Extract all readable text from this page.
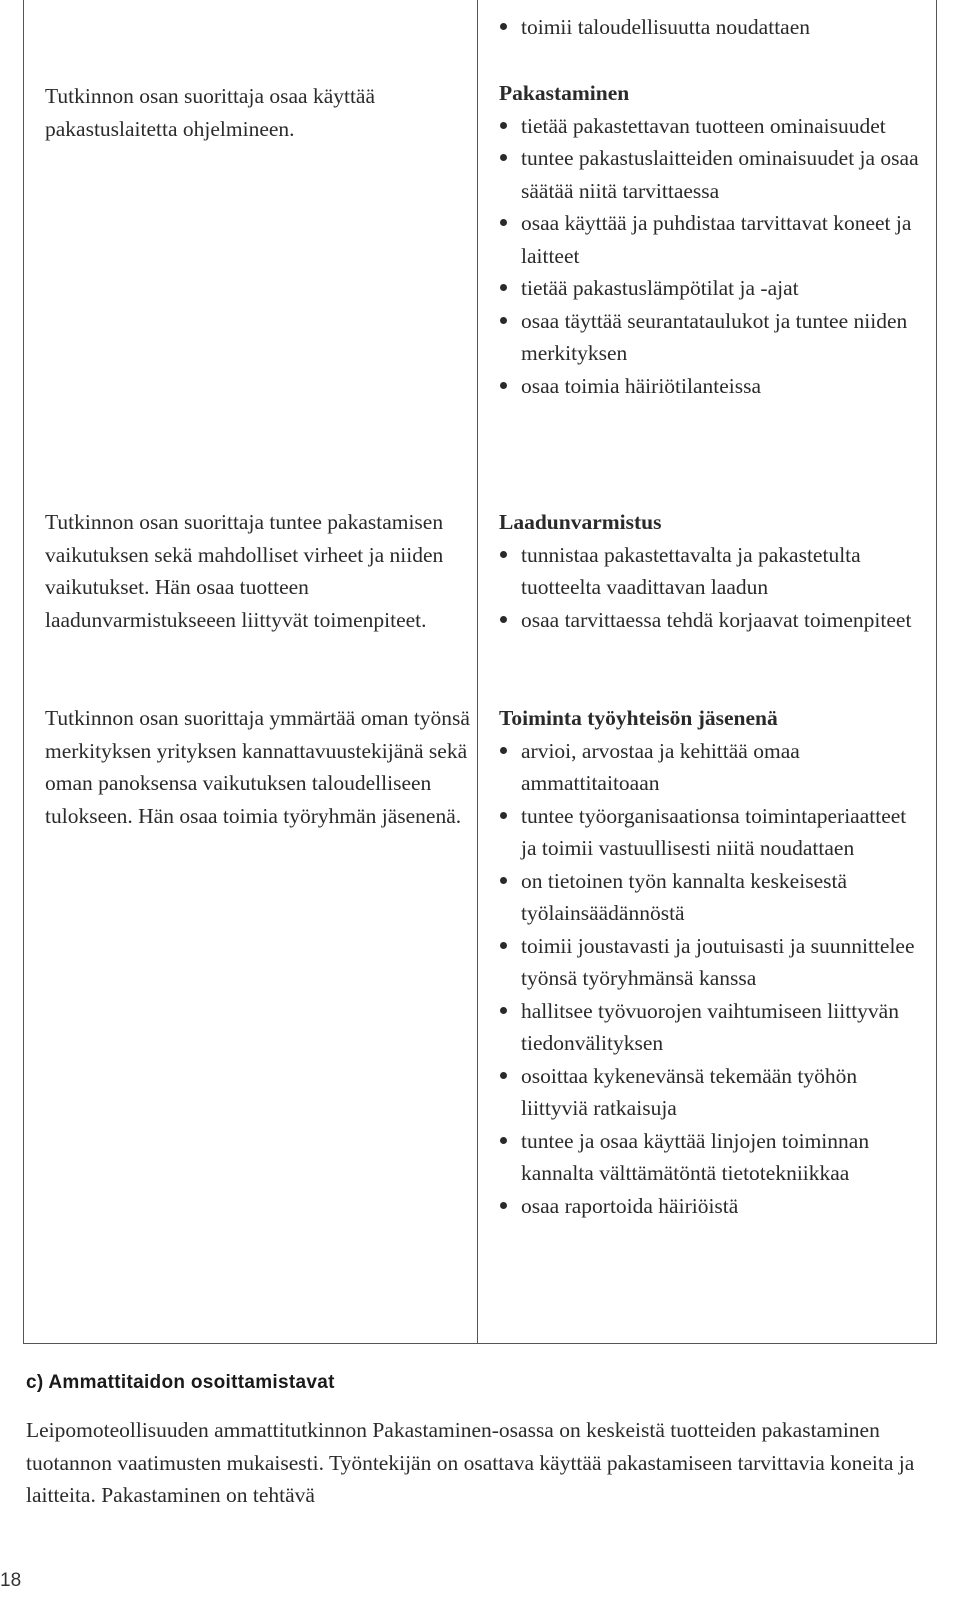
Tutkinnon osan suorittaja osaa käyttää pakastuslaitetta ohjelmineen.

Tutkinnon osan suorittaja tuntee pakastamisen vaikutuksen sekä mahdolliset virheet ja niiden vaikutukset. Hän osaa tuotteen laadunvarmistukseeen liittyvät toimenpiteet.

Tutkinnon osan suorittaja ymmärtää oman työnsä merkityksen yrityksen kannattavuustekijänä sekä oman panoksensa vaikutuksen taloudelliseen tulokseen. Hän osaa toimia työryhmän jäsenenä.

toimii taloudellisuutta noudattaen

Pakastaminen

tietää pakastettavan tuotteen ominaisuudet
tuntee pakastuslaitteiden ominaisuudet ja osaa säätää niitä tarvittaessa
osaa käyttää ja puhdistaa tarvittavat koneet ja laitteet
tietää pakastuslämpötilat ja -ajat
osaa täyttää seurantataulukot ja tuntee niiden merkityksen
osaa toimia häiriötilanteissa

Laadunvarmistus

tunnistaa pakastettavalta ja pakastetulta tuotteelta vaadittavan laadun
osaa tarvittaessa tehdä korjaavat toimenpiteet

Toiminta työyhteisön jäsenenä

arvioi, arvostaa ja kehittää omaa ammattitaitoaan
tuntee työorganisaationsa toimintaperiaatteet ja toimii vastuullisesti niitä noudattaen
on tietoinen työn kannalta keskeisestä työlainsäädännöstä
toimii joustavasti ja joutuisasti ja suunnittelee työnsä työryhmänsä kanssa
hallitsee työvuorojen vaihtumiseen liittyvän tiedonvälityksen
osoittaa kykenevänsä tekemään työhön liittyviä ratkaisuja
tuntee ja osaa käyttää linjojen toiminnan kannalta välttämätöntä tietotekniikkaa
osaa raportoida häiriöistä
c) Ammattitaidon osoittamistavat

Leipomoteollisuuden ammattitutkinnon Pakastaminen-osassa on keskeistä tuotteiden pakastaminen tuotannon vaatimusten mukaisesti. Työntekijän on osattava käyttää pakastamiseen tarvittavia koneita ja laitteita. Pakastaminen on tehtävä

18
